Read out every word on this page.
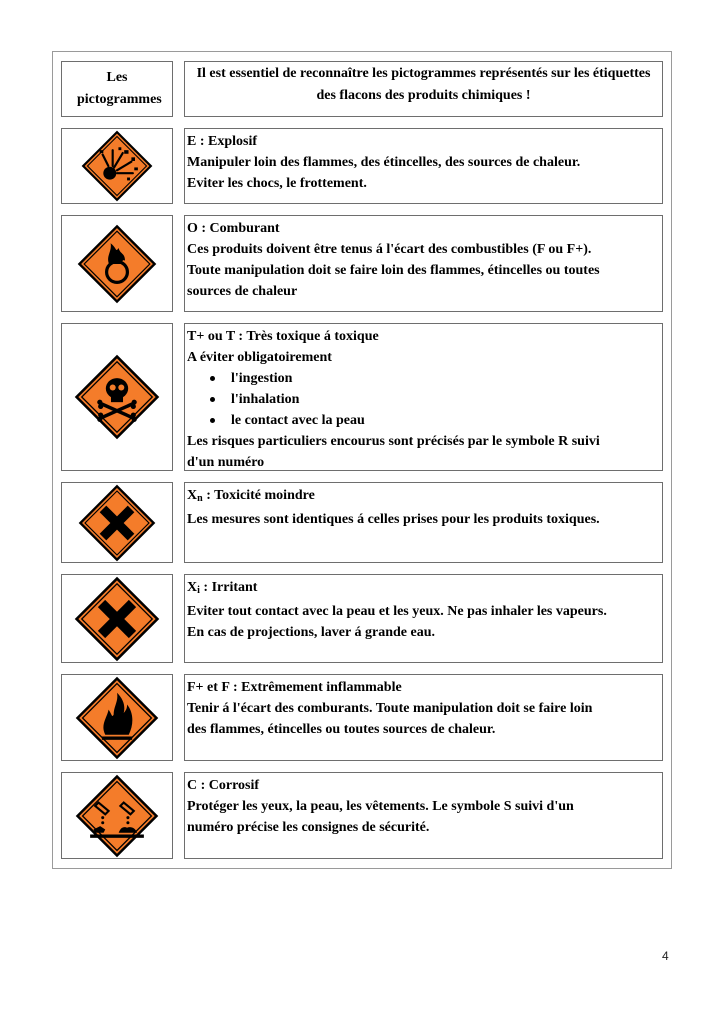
Les pictogrammes
Il est essentiel de reconnaître les pictogrammes représentés sur les étiquettes des flacons des produits chimiques !

E : Explosif

Manipuler loin des flammes, des étincelles, des sources de chaleur.

Eviter les chocs, le frottement.

O : Comburant

Ces produits doivent être tenus á l'écart des combustibles (F ou F+).

Toute manipulation doit se faire loin des flammes, étincelles ou toutes

sources de chaleur

T+ ou T : Très toxique á toxique

A éviter obligatoirement

l'ingestion
l'inhalation
le contact avec la peau

Les risques particuliers encourus sont précisés par le symbole R suivi

d'un numéro

$X_n$ : Toxicité moindre

Les mesures sont identiques á celles prises pour les produits toxiques.

$X_i$ : Irritant

Eviter tout contact avec la peau et les yeux. Ne pas inhaler les vapeurs.

En cas de projections, laver á grande eau.

F+ et F : Extrêmement inflammable

Tenir á l'écart des comburants. Toute manipulation doit se faire loin

des flammes, étincelles ou toutes sources de chaleur.

C : Corrosif

Protéger les yeux, la peau, les vêtements. Le symbole S suivi d'un

numéro précise les consignes de sécurité.

4
